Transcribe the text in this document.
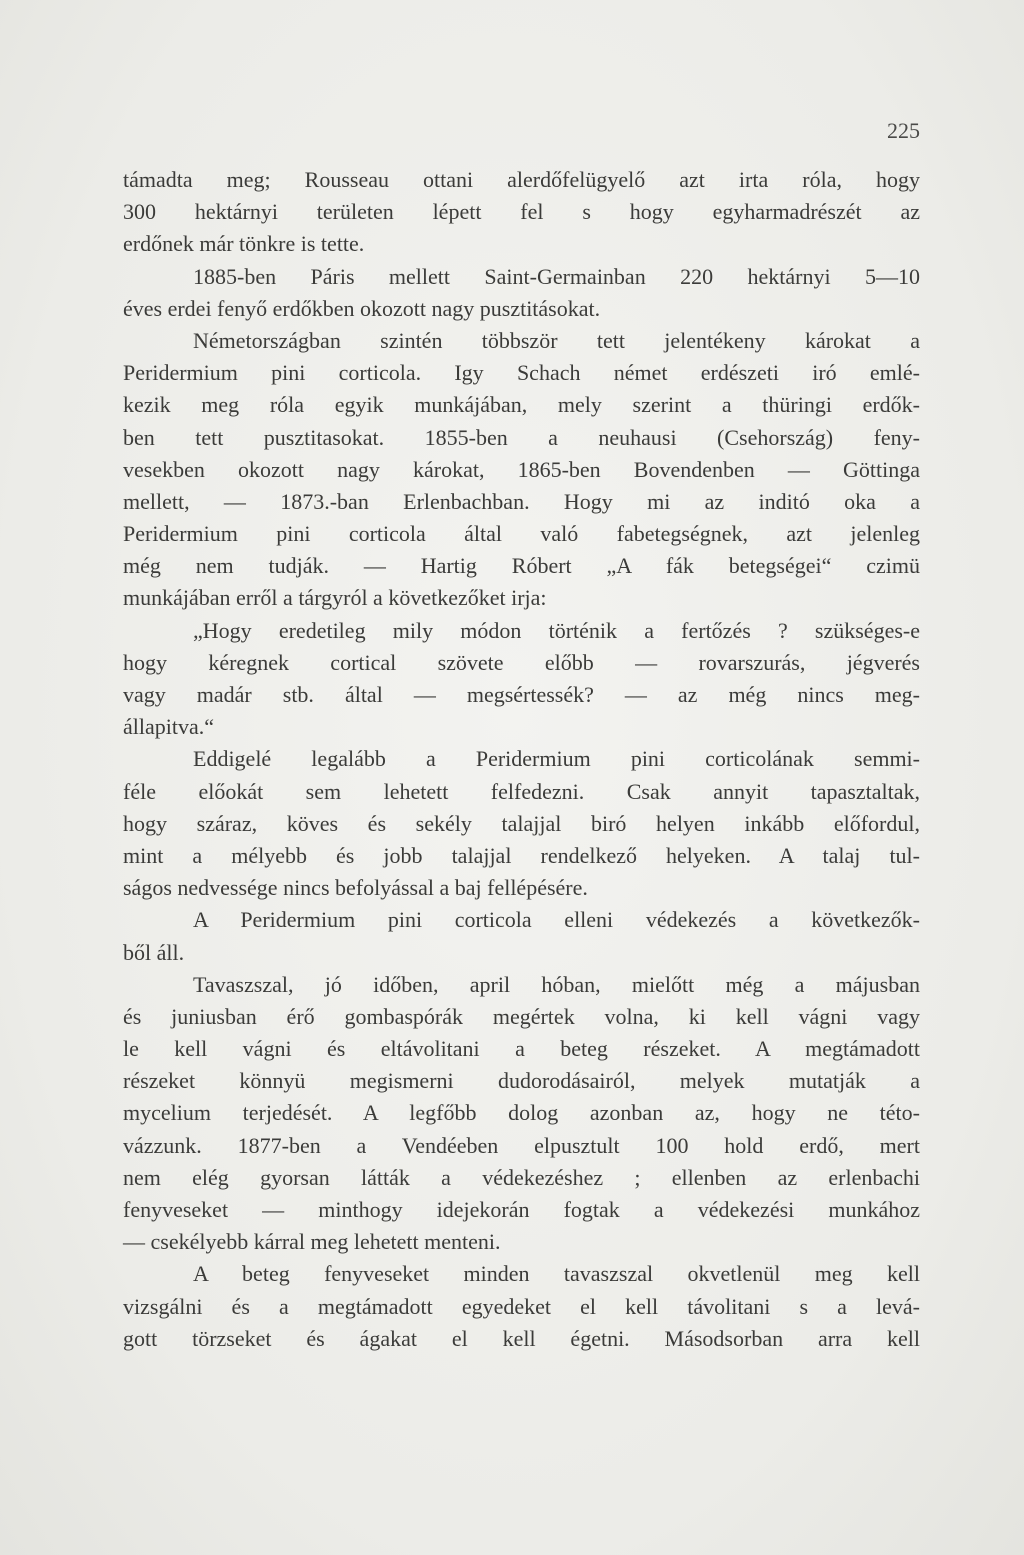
225
támadta meg; Rousseau ottani alerdőfelügyelő azt irta róla, hogy
300 hektárnyi területen lépett fel s hogy egyharmadrészét az
erdőnek már tönkre is tette.
1885-ben Páris mellett Saint-Germainban 220 hektárnyi 5—10
éves erdei fenyő erdőkben okozott nagy pusztitásokat.
Németországban szintén többször tett jelentékeny károkat a
Peridermium pini corticola. Igy Schach német erdészeti iró emlé-
kezik meg róla egyik munkájában, mely szerint a thüringi erdők-
ben tett pusztitasokat. 1855-ben a neuhausi (Csehország) feny-
vesekben okozott nagy károkat, 1865-ben Bovendenben — Göttinga
mellett, — 1873.-ban Erlenbachban. Hogy mi az inditó oka a
Peridermium pini corticola által való fabetegségnek, azt jelenleg
még nem tudják. — Hartig Róbert „A fák betegségei“ czimü
munkájában erről a tárgyról a következőket irja:
„Hogy eredetileg mily módon történik a fertőzés ? szükséges-e
hogy kéregnek cortical szövete előbb — rovarszurás, jégverés
vagy madár stb. által — megsértessék? — az még nincs meg-
állapitva.“
Eddigelé legalább a Peridermium pini corticolának semmi-
féle előokát sem lehetett felfedezni. Csak annyit tapasztaltak,
hogy száraz, köves és sekély talajjal biró helyen inkább előfordul,
mint a mélyebb és jobb talajjal rendelkező helyeken. A talaj tul-
ságos nedvessége nincs befolyással a baj fellépésére.
A Peridermium pini corticola elleni védekezés a következők-
ből áll.
Tavaszszal, jó időben, april hóban, mielőtt még a májusban
és juniusban érő gombaspórák megértek volna, ki kell vágni vagy
le kell vágni és eltávolitani a beteg részeket. A megtámadott
részeket könnyü megismerni dudorodásairól, melyek mutatják a
mycelium terjedését. A legfőbb dolog azonban az, hogy ne této-
vázzunk. 1877-ben a Vendéeben elpusztult 100 hold erdő, mert
nem elég gyorsan látták a védekezéshez ; ellenben az erlenbachi
fenyveseket — minthogy idejekorán fogtak a védekezési munkához
— csekélyebb kárral meg lehetett menteni.
A beteg fenyveseket minden tavaszszal okvetlenül meg kell
vizsgálni és a megtámadott egyedeket el kell távolitani s a levá-
gott törzseket és ágakat el kell égetni. Másodsorban arra kell
